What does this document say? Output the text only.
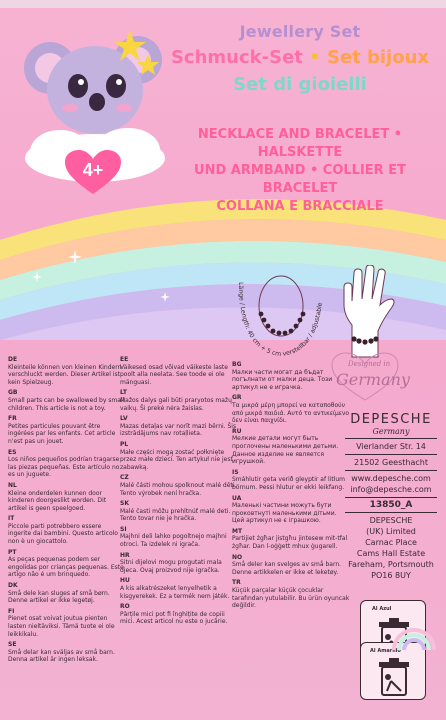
4+
Jewellery Set
Schmuck-Set • Set bijoux
Set di gioielli
NECKLACE AND BRACELET • HALSKETTE
UND ARMBAND • COLLIER ET BRACELET
COLLANA E BRACCIALE
Länge / Length: 40 cm + 5 cm verstellbar / adjustable
DE
Kleinteile können von kleinen Kindern verschluckt werden. Dieser Artikel ist kein Spielzeug.
GB
Small parts can be swallowed by small children. This article is not a toy.
FR
Petites particules pouvant être ingérées par les enfants. Cet article n'est pas un jouet.
ES
Los niños pequeños podrían tragarse las piezas pequeñas. Este artículo no es un juguete.
NL
Kleine onderdelen kunnen door kinderen doorgeslikt worden. Dit artikel is geen speelgoed.
IT
Piccole parti potrebbero essere ingerite dai bambini. Questo articolo non è un giocattolo.
PT
As peças pequenas podem ser engolidas por crianças pequenas. Este artigo não é um brinquedo.
DK
Små dele kan sluges af små børn. Denne artikel er ikke legetøj.
FI
Pienet osat voivat joutua pienten lasten nieltäviksi. Tämä tuote ei ole leikkikalu.
SE
Små delar kan sväljas av små barn. Denna artikel är ingen leksak.
EE
Väikesed osad võivad väikeste laste poolt alla neelata. See toode ei ole mänguasi.
LT
Mažos dalys gali būti praryotos mažų vaikų. Ši prekė nėra žaislas.
LV
Mazas detaļas var norīt mazi bērni. Šis izstrādājums nav rotaļlieta.
PL
Małe części mogą zostać połknięte przez małe dzieci. Ten artykuł nie jest zabawką.
CZ
Malé části mohou spolknout malé děti. Tento výrobek není hračka.
SK
Malé časti môžu prehltnúť malé deti. Tento tovar nie je hračka.
SI
Majhni deli lahko pogoltnejo majhni otroci. Ta izdelek ni igrača.
HR
Sitni dijelovi mogu progutati mala djeca. Ovaj proizvod nije igračka.
HU
A kis alkatrészeket lenyelhetik a kisgyerekek. Ez a termék nem játék.
RO
Părțile mici pot fi înghițite de copiii mici. Acest articol nu este o jucărie.
BG
Малки части могат да бъдат погълнати от малки деца. Този артикул не е играчка.
GR
Τα μικρά μέρη μπορεί να καταποθούν από μικρά παιδιά. Αυτό το αντικείμενο δεν είναι παιχνίδι.
RU
Мелкие детали могут быть проглочены маленькими детьми. Данное изделие не является игрушкой.
IS
Smáhlutir geta verið gleyptir af litlum börnum. Þessi hlutur er ekki leikfang.
UA
Маленькі частини можуть бути проковтнуті маленькими дітьми. Цей артикул не є іграшкою.
MT
Partijiet żgħar jistgħu jintesew mit-tfal żgħar. Dan l-oġġett mhux ġugarell.
NO
Små deler kan svelges av små barn. Denne artikkelen er ikke et leketøy.
TR
Küçük parçalar küçük çocuklar tarafından yutulabilir. Bu ürün oyuncak değildir.
Designed in
Germany
DEPESCHE
Germany
Vierlander Str. 14
21502 Geesthacht
www.depesche.com
info@depesche.com
13850_A
DEPESCHE
(UK) Limited
Carnac Place
Cams Hall Estate
Fareham, Portsmouth
PO16 8UY
Al Azul
Al Amarillo
